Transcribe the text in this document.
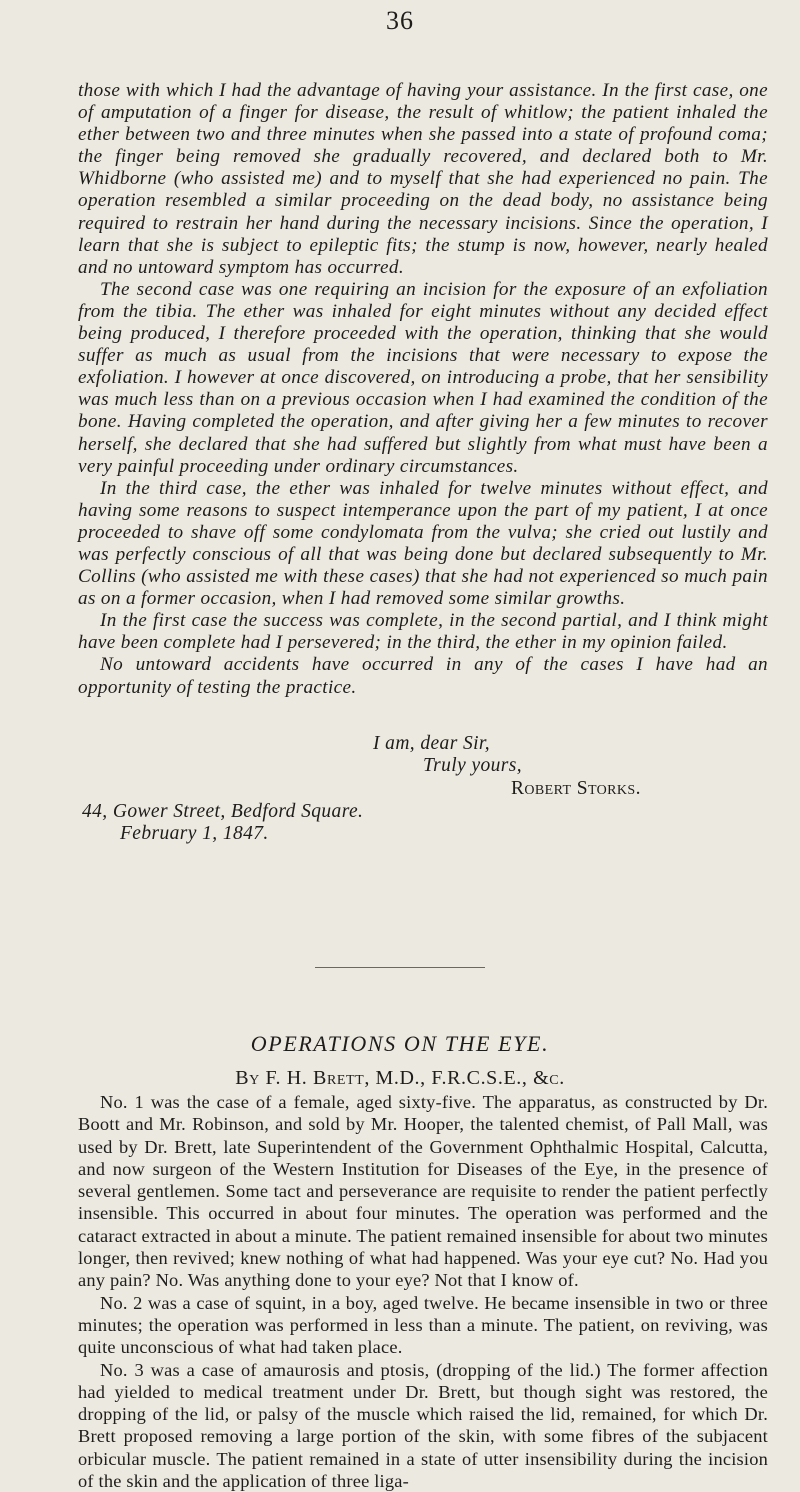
36

those with which I had the advantage of having your assistance. In the first case, one of amputation of a finger for disease, the result of whitlow; the patient inhaled the ether between two and three minutes when she passed into a state of profound coma; the finger being removed she gradually recovered, and declared both to Mr. Whidborne (who assisted me) and to myself that she had experienced no pain. The operation resembled a similar proceeding on the dead body, no assistance being required to restrain her hand during the necessary incisions. Since the operation, I learn that she is subject to epileptic fits; the stump is now, however, nearly healed and no untoward symptom has occurred.

The second case was one requiring an incision for the exposure of an exfoliation from the tibia. The ether was inhaled for eight minutes without any decided effect being produced, I therefore proceeded with the operation, thinking that she would suffer as much as usual from the incisions that were necessary to expose the exfoliation. I however at once discovered, on introducing a probe, that her sensibility was much less than on a previous occasion when I had examined the condition of the bone. Having completed the operation, and after giving her a few minutes to recover herself, she declared that she had suffered but slightly from what must have been a very painful proceeding under ordinary circumstances.

In the third case, the ether was inhaled for twelve minutes without effect, and having some reasons to suspect intemperance upon the part of my patient, I at once proceeded to shave off some condylomata from the vulva; she cried out lustily and was perfectly conscious of all that was being done but declared subsequently to Mr. Collins (who assisted me with these cases) that she had not experienced so much pain as on a former occasion, when I had removed some similar growths.

In the first case the success was complete, in the second partial, and I think might have been complete had I persevered; in the third, the ether in my opinion failed.

No untoward accidents have occurred in any of the cases I have had an opportunity of testing the practice.

I am, dear Sir,
Truly yours,
Robert Storks.
44, Gower Street, Bedford Square.
February 1, 1847.
OPERATIONS ON THE EYE.
By F. H. Brett, M.D., F.R.C.S.E., &c.

No. 1 was the case of a female, aged sixty-five. The apparatus, as constructed by Dr. Boott and Mr. Robinson, and sold by Mr. Hooper, the talented chemist, of Pall Mall, was used by Dr. Brett, late Superintendent of the Government Ophthalmic Hospital, Calcutta, and now surgeon of the Western Institution for Diseases of the Eye, in the presence of several gentlemen. Some tact and perseverance are requisite to render the patient perfectly insensible. This occurred in about four minutes. The operation was performed and the cataract extracted in about a minute. The patient remained insensible for about two minutes longer, then revived; knew nothing of what had happened. Was your eye cut? No. Had you any pain? No. Was anything done to your eye? Not that I know of.

No. 2 was a case of squint, in a boy, aged twelve. He became insensible in two or three minutes; the operation was performed in less than a minute. The patient, on reviving, was quite unconscious of what had taken place.

No. 3 was a case of amaurosis and ptosis, (dropping of the lid.) The former affection had yielded to medical treatment under Dr. Brett, but though sight was restored, the dropping of the lid, or palsy of the muscle which raised the lid, remained, for which Dr. Brett proposed removing a large portion of the skin, with some fibres of the subjacent orbicular muscle. The patient remained in a state of utter insensibility during the incision of the skin and the application of three liga-
